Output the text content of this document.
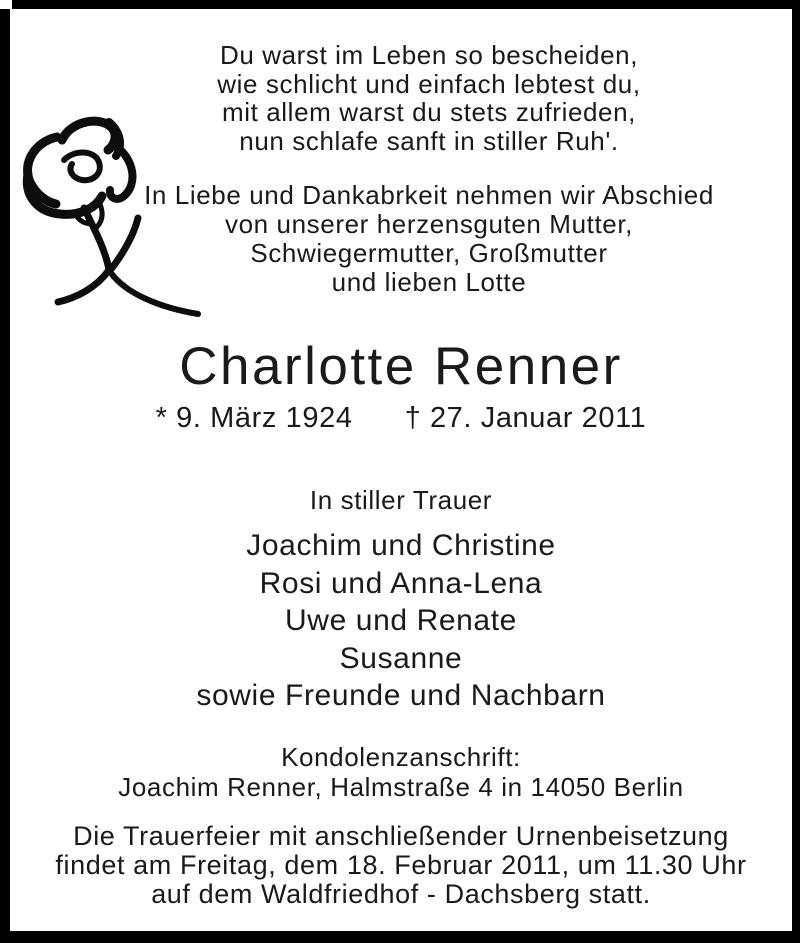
Du warst im Leben so bescheiden,
wie schlicht und einfach lebtest du,
mit allem warst du stets zufrieden,
nun schlafe sanft in stiller Ruh'.
In Liebe und Dankabrkeit nehmen wir Abschied
von unserer herzensguten Mutter,
Schwiegermutter, Großmutter
und lieben Lotte
Charlotte Renner
* 9. März 1924 † 27. Januar 2011
In stiller Trauer
Joachim und Christine
Rosi und Anna-Lena
Uwe und Renate
Susanne
sowie Freunde und Nachbarn
Kondolenzanschrift:
Joachim Renner, Halmstraße 4 in 14050 Berlin
Die Trauerfeier mit anschließender Urnenbeisetzung
findet am Freitag, dem 18. Februar 2011, um 11.30 Uhr
auf dem Waldfriedhof - Dachsberg statt.
